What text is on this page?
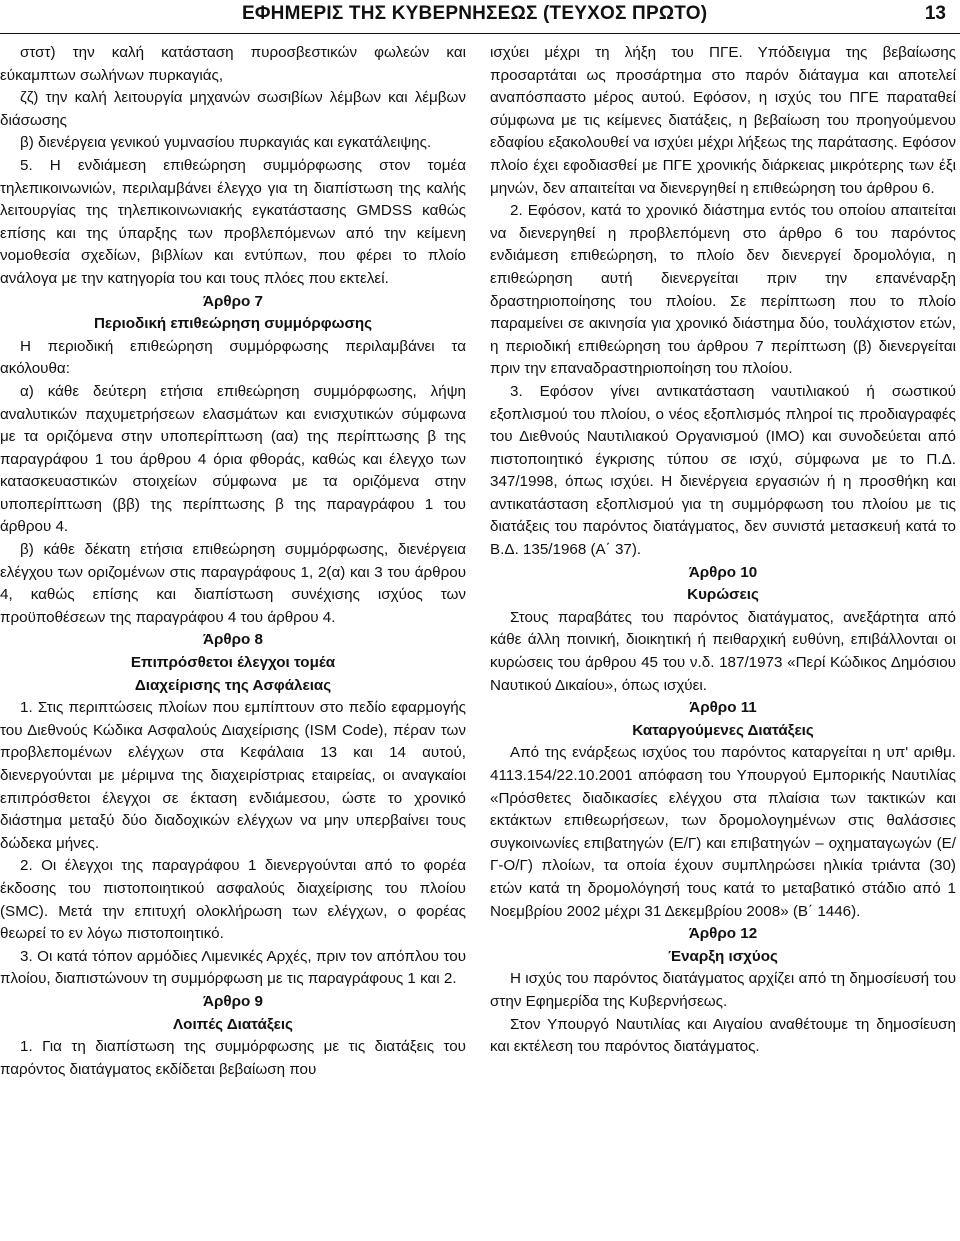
ΕΦΗΜΕΡΙΣ ΤΗΣ ΚΥΒΕΡΝΗΣΕΩΣ (ΤΕΥΧΟΣ ΠΡΩΤΟ)	13

στστ) την καλή κατάσταση πυροσβεστικών φωλεών και εύκαμπτων σωλήνων πυρκαγιάς,

ζζ) την καλή λειτουργία μηχανών σωσιβίων λέμβων και λέμβων διάσωσης

β) διενέργεια γενικού γυμνασίου πυρκαγιάς και εγκατάλειψης.

5. Η ενδιάμεση επιθεώρηση συμμόρφωσης στον τομέα τηλεπικοινωνιών, περιλαμβάνει έλεγχο για τη διαπίστωση της καλής λειτουργίας της τηλεπικοινωνιακής εγκατάστασης GMDSS καθώς επίσης και της ύπαρξης των προβλεπόμενων από την κείμενη νομοθεσία σχεδίων, βιβλίων και εντύπων, που φέρει το πλοίο ανάλογα με την κατηγορία του και τους πλόες που εκτελεί.

Άρθρο 7

Περιοδική επιθεώρηση συμμόρφωσης

Η περιοδική επιθεώρηση συμμόρφωσης περιλαμβάνει τα ακόλουθα:

α) κάθε δεύτερη ετήσια επιθεώρηση συμμόρφωσης, λήψη αναλυτικών παχυμετρήσεων ελασμάτων και ενισχυτικών σύμφωνα με τα οριζόμενα στην υποπερίπτωση (αα) της περίπτωσης β της παραγράφου 1 του άρθρου 4 όρια φθοράς, καθώς και έλεγχο των κατασκευαστικών στοιχείων σύμφωνα με τα οριζόμενα στην υποπερίπτωση (ββ) της περίπτωσης β της παραγράφου 1 του άρθρου 4.

β) κάθε δέκατη ετήσια επιθεώρηση συμμόρφωσης, διενέργεια ελέγχου των οριζομένων στις παραγράφους 1, 2(α) και 3 του άρθρου 4, καθώς επίσης και διαπίστωση συνέχισης ισχύος των προϋποθέσεων της παραγράφου 4 του άρθρου 4.

Άρθρο 8

Επιπρόσθετοι έλεγχοι τομέα

Διαχείρισης της Ασφάλειας

1. Στις περιπτώσεις πλοίων που εμπίπτουν στο πεδίο εφαρμογής του Διεθνούς Κώδικα Ασφαλούς Διαχείρισης (ISM Code), πέραν των προβλεπομένων ελέγχων στα Κεφάλαια 13 και 14 αυτού, διενεργούνται με μέριμνα της διαχειρίστριας εταιρείας, οι αναγκαίοι επιπρόσθετοι έλεγχοι σε έκταση ενδιάμεσου, ώστε το χρονικό διάστημα μεταξύ δύο διαδοχικών ελέγχων να μην υπερβαίνει τους δώδεκα μήνες.

2. Οι έλεγχοι της παραγράφου 1 διενεργούνται από το φορέα έκδοσης του πιστοποιητικού ασφαλούς διαχείρισης του πλοίου (SMC). Μετά την επιτυχή ολοκλήρωση των ελέγχων, ο φορέας θεωρεί το εν λόγω πιστοποιητικό.

3. Οι κατά τόπον αρμόδιες Λιμενικές Αρχές, πριν τον απόπλου του πλοίου, διαπιστώνουν τη συμμόρφωση με τις παραγράφους 1 και 2.

Άρθρο 9

Λοιπές Διατάξεις

1. Για τη διαπίστωση της συμμόρφωσης με τις διατάξεις του παρόντος διατάγματος εκδίδεται βεβαίωση που

ισχύει μέχρι τη λήξη του ΠΓΕ. Υπόδειγμα της βεβαίωσης προσαρτάται ως προσάρτημα στο παρόν διάταγμα και αποτελεί αναπόσπαστο μέρος αυτού. Εφόσον, η ισχύς του ΠΓΕ παραταθεί σύμφωνα με τις κείμενες διατάξεις, η βεβαίωση του προηγούμενου εδαφίου εξακολουθεί να ισχύει μέχρι λήξεως της παράτασης. Εφόσον πλοίο έχει εφοδιασθεί με ΠΓΕ χρονικής διάρκειας μικρότερης των έξι μηνών, δεν απαιτείται να διενεργηθεί η επιθεώρηση του άρθρου 6.

2. Εφόσον, κατά το χρονικό διάστημα εντός του οποίου απαιτείται να διενεργηθεί η προβλεπόμενη στο άρθρο 6 του παρόντος ενδιάμεση επιθεώρηση, το πλοίο δεν διενεργεί δρομολόγια, η επιθεώρηση αυτή διενεργείται πριν την επανέναρξη δραστηριοποίησης του πλοίου. Σε περίπτωση που το πλοίο παραμείνει σε ακινησία για χρονικό διάστημα δύο, τουλάχιστον ετών, η περιοδική επιθεώρηση του άρθρου 7 περίπτωση (β) διενεργείται πριν την επαναδραστηριοποίηση του πλοίου.

3. Εφόσον γίνει αντικατάσταση ναυτιλιακού ή σωστικού εξοπλισμού του πλοίου, ο νέος εξοπλισμός πληροί τις προδιαγραφές του Διεθνούς Ναυτιλιακού Οργανισμού (ΙΜΟ) και συνοδεύεται από πιστοποιητικό έγκρισης τύπου σε ισχύ, σύμφωνα με το Π.Δ. 347/1998, όπως ισχύει. Η διενέργεια εργασιών ή η προσθήκη και αντικατάσταση εξοπλισμού για τη συμμόρφωση του πλοίου με τις διατάξεις του παρόντος διατάγματος, δεν συνιστά μετασκευή κατά το Β.Δ. 135/1968 (Α΄ 37).

Άρθρο 10

Κυρώσεις

Στους παραβάτες του παρόντος διατάγματος, ανεξάρτητα από κάθε άλλη ποινική, διοικητική ή πειθαρχική ευθύνη, επιβάλλονται οι κυρώσεις του άρθρου 45 του ν.δ. 187/1973 «Περί Κώδικος Δημόσιου Ναυτικού Δικαίου», όπως ισχύει.

Άρθρο 11

Καταργούμενες Διατάξεις

Από της ενάρξεως ισχύος του παρόντος καταργείται η υπ' αριθμ. 4113.154/22.10.2001 απόφαση του Υπουργού Εμπορικής Ναυτιλίας «Πρόσθετες διαδικασίες ελέγχου στα πλαίσια των τακτικών και εκτάκτων επιθεωρήσεων, των δρομολογημένων στις θαλάσσιες συγκοινωνίες επιβατηγών (Ε/Γ) και επιβατηγών – οχηματαγωγών (Ε/Γ-Ο/Γ) πλοίων, τα οποία έχουν συμπληρώσει ηλικία τριάντα (30) ετών κατά τη δρομολόγησή τους κατά το μεταβατικό στάδιο από 1 Νοεμβρίου 2002 μέχρι 31 Δεκεμβρίου 2008» (Β΄ 1446).

Άρθρο 12

Έναρξη ισχύος

Η ισχύς του παρόντος διατάγματος αρχίζει από τη δημοσίευσή του στην Εφημερίδα της Κυβερνήσεως.

Στον Υπουργό Ναυτιλίας και Αιγαίου αναθέτουμε τη δημοσίευση και εκτέλεση του παρόντος διατάγματος.
